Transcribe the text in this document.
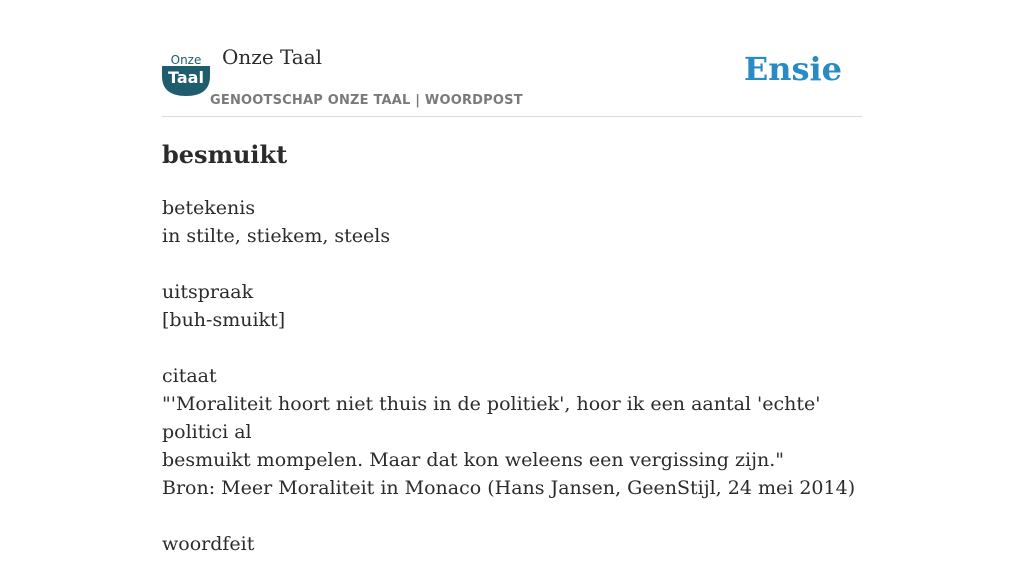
Onze
Taal
Onze Taal
GENOOTSCHAP ONZE TAAL | WOORDPOST
Ensie
besmuikt
betekenis
in stilte, stiekem, steels
uitspraak
[buh-smuikt]
citaat
"'Moraliteit hoort niet thuis in de politiek', hoor ik een aantal 'echte' politici al
besmuikt mompelen. Maar dat kon weleens een vergissing zijn."
Bron: Meer Moraliteit in Monaco (Hans Jansen, GeenStijl, 24 mei 2014)
woordfeit
